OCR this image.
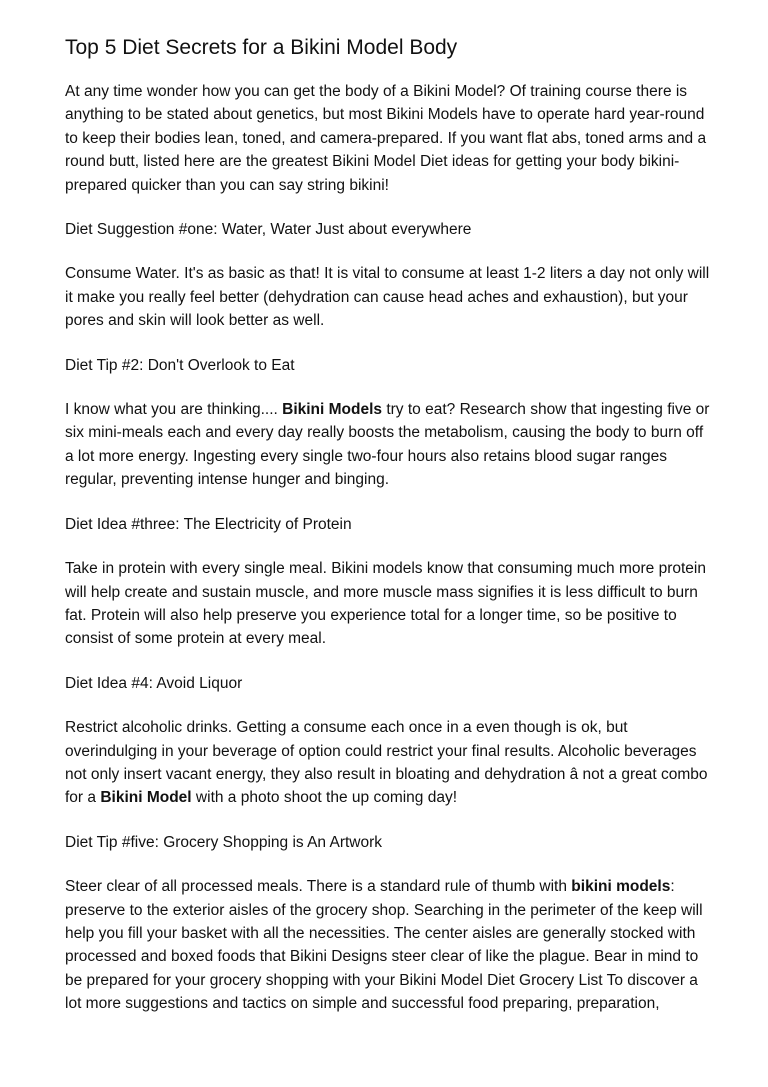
Top 5 Diet Secrets for a Bikini Model Body

At any time wonder how you can get the body of a Bikini Model? Of training course there is anything to be stated about genetics, but most Bikini Models have to operate hard year-round to keep their bodies lean, toned, and camera-prepared. If you want flat abs, toned arms and a round butt, listed here are the greatest Bikini Model Diet ideas for getting your body bikini-prepared quicker than you can say string bikini!

Diet Suggestion #one: Water, Water Just about everywhere

Consume Water. It's as basic as that! It is vital to consume at least 1-2 liters a day not only will it make you really feel better (dehydration can cause head aches and exhaustion), but your pores and skin will look better as well.

Diet Tip #2: Don't Overlook to Eat

I know what you are thinking.... Bikini Models try to eat? Research show that ingesting five or six mini-meals each and every day really boosts the metabolism, causing the body to burn off a lot more energy. Ingesting every single two-four hours also retains blood sugar ranges regular, preventing intense hunger and binging.

Diet Idea #three: The Electricity of Protein

Take in protein with every single meal. Bikini models know that consuming much more protein will help create and sustain muscle, and more muscle mass signifies it is less difficult to burn fat. Protein will also help preserve you experience total for a longer time, so be positive to consist of some protein at every meal.

Diet Idea #4: Avoid Liquor

Restrict alcoholic drinks. Getting a consume each once in a even though is ok, but overindulging in your beverage of option could restrict your final results. Alcoholic beverages not only insert vacant energy, they also result in bloating and dehydration â not a great combo for a Bikini Model with a photo shoot the up coming day!

Diet Tip #five: Grocery Shopping is An Artwork

Steer clear of all processed meals. There is a standard rule of thumb with bikini models: preserve to the exterior aisles of the grocery shop. Searching in the perimeter of the keep will help you fill your basket with all the necessities. The center aisles are generally stocked with processed and boxed foods that Bikini Designs steer clear of like the plague. Bear in mind to be prepared for your grocery shopping with your Bikini Model Diet Grocery List To discover a lot more suggestions and tactics on simple and successful food preparing, preparation,
